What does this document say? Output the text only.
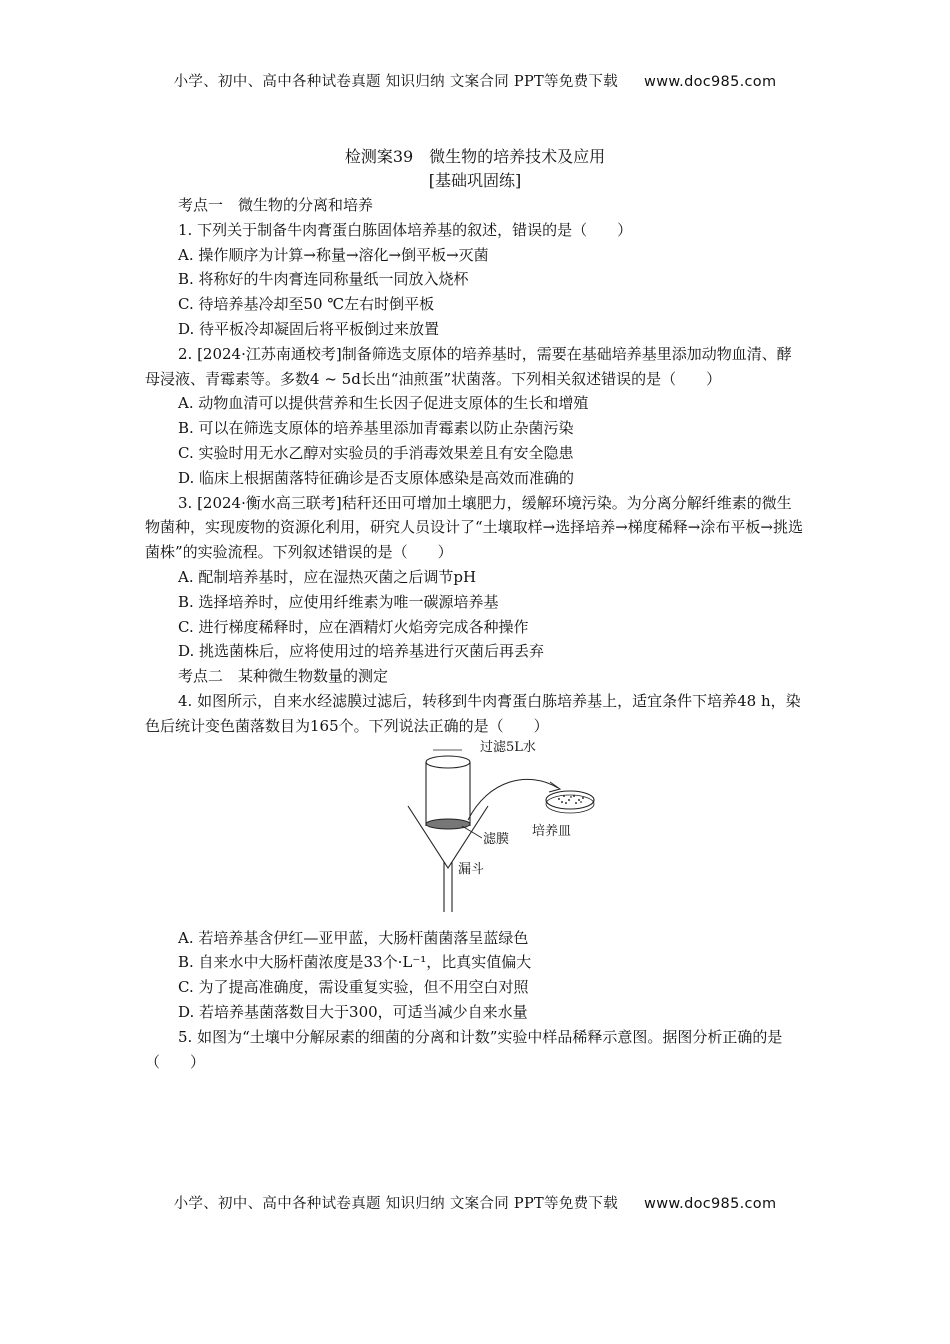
小学、初中、高中各种试卷真题 知识归纳 文案合同 PPT等免费下载 www.doc985.com
检测案39　微生物的培养技术及应用
[基础巩固练]

考点一　微生物的分离和培养

1. 下列关于制备牛肉膏蛋白胨固体培养基的叙述，错误的是（　　）

A. 操作顺序为计算→称量→溶化→倒平板→灭菌

B. 将称好的牛肉膏连同称量纸一同放入烧杯

C. 待培养基冷却至50 ℃左右时倒平板

D. 待平板冷却凝固后将平板倒过来放置

2. [2024·江苏南通校考]制备筛选支原体的培养基时，需要在基础培养基里添加动物血清、酵母浸液、青霉素等。多数4 ~ 5d长出“油煎蛋”状菌落。下列相关叙述错误的是（　　）

A. 动物血清可以提供营养和生长因子促进支原体的生长和增殖

B. 可以在筛选支原体的培养基里添加青霉素以防止杂菌污染

C. 实验时用无水乙醇对实验员的手消毒效果差且有安全隐患

D. 临床上根据菌落特征确诊是否支原体感染是高效而准确的

3. [2024·衡水高三联考]秸秆还田可增加土壤肥力，缓解环境污染。为分离分解纤维素的微生物菌种，实现废物的资源化利用，研究人员设计了“土壤取样→选择培养→梯度稀释→涂布平板→挑选菌株”的实验流程。下列叙述错误的是（　　）

A. 配制培养基时，应在湿热灭菌之后调节pH

B. 选择培养时，应使用纤维素为唯一碳源培养基

C. 进行梯度稀释时，应在酒精灯火焰旁完成各种操作

D. 挑选菌株后，应将使用过的培养基进行灭菌后再丢弃

考点二　某种微生物数量的测定

4. 如图所示，自来水经滤膜过滤后，转移到牛肉膏蛋白胨培养基上，适宜条件下培养48 h，染色后统计变色菌落数目为165个。下列说法正确的是（　　）

过滤5L水
滤膜
培养皿
漏斗

A. 若培养基含伊红—亚甲蓝，大肠杆菌菌落呈蓝绿色

B. 自来水中大肠杆菌浓度是33个·L⁻¹，比真实值偏大

C. 为了提高准确度，需设重复实验，但不用空白对照

D. 若培养基菌落数目大于300，可适当减少自来水量

5. 如图为“土壤中分解尿素的细菌的分离和计数”实验中样品稀释示意图。据图分析正确的是（　　）

小学、初中、高中各种试卷真题 知识归纳 文案合同 PPT等免费下载 www.doc985.com
